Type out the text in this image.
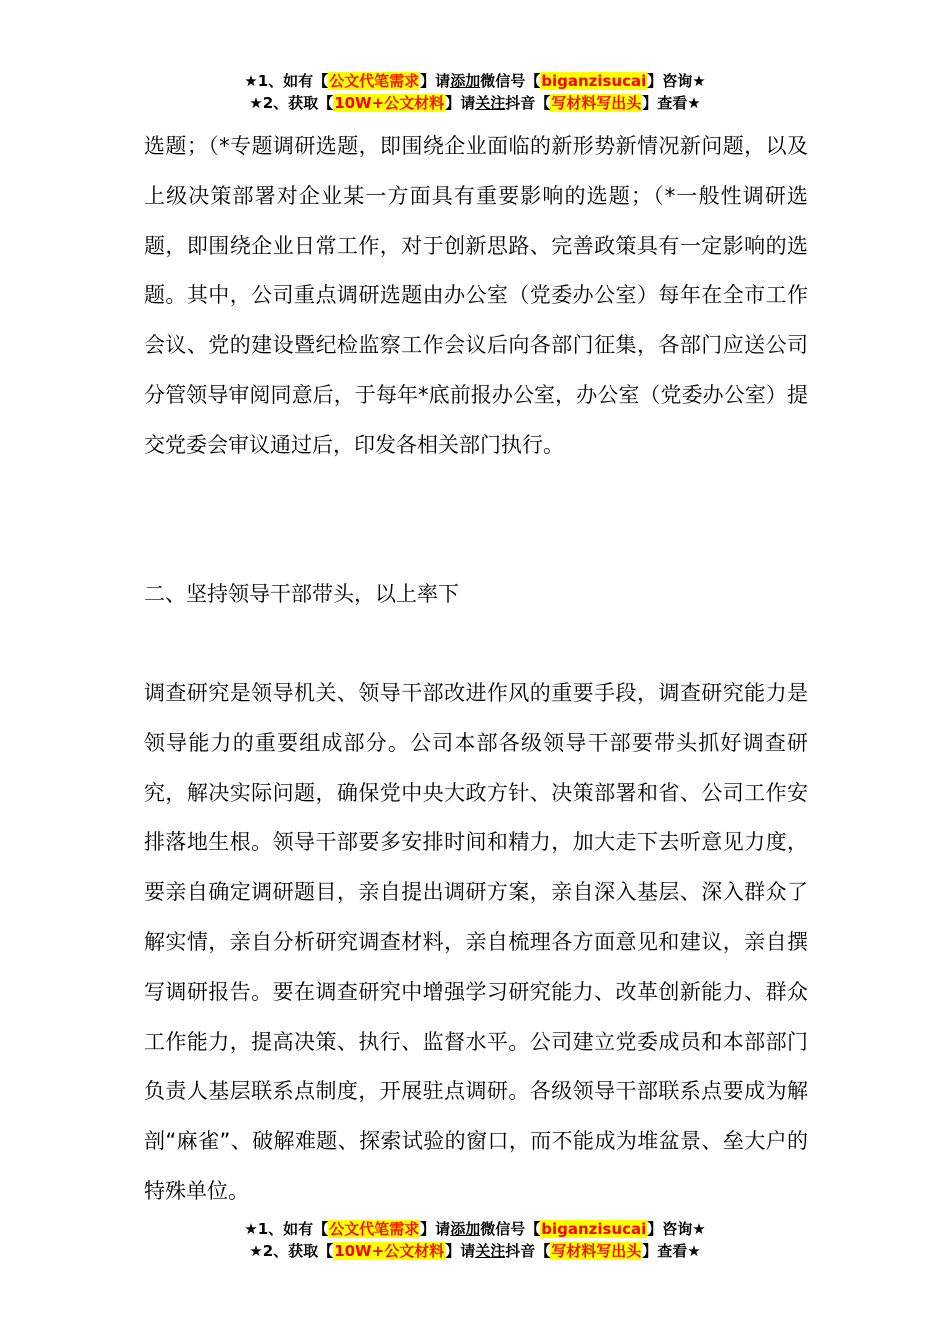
★1、如有【公文代笔需求】请添加微信号【biganzisucai】咨询★
★2、获取【10W+公文材料】请关注抖音【写材料写出头】查看★

选题；（*专题调研选题，即围绕企业面临的新形势新情况新问题，以及上级决策部署对企业某一方面具有重要影响的选题；（*一般性调研选题，即围绕企业日常工作，对于创新思路、完善政策具有一定影响的选题。其中，公司重点调研选题由办公室（党委办公室）每年在全市工作会议、党的建设暨纪检监察工作会议后向各部门征集，各部门应送公司分管领导审阅同意后，于每年*底前报办公室，办公室（党委办公室）提交党委会审议通过后，印发各相关部门执行。

二、坚持领导干部带头，以上率下

调查研究是领导机关、领导干部改进作风的重要手段，调查研究能力是领导能力的重要组成部分。公司本部各级领导干部要带头抓好调查研究，解决实际问题，确保党中央大政方针、决策部署和省、公司工作安排落地生根。领导干部要多安排时间和精力，加大走下去听意见力度，要亲自确定调研题目，亲自提出调研方案，亲自深入基层、深入群众了解实情，亲自分析研究调查材料，亲自梳理各方面意见和建议，亲自撰写调研报告。要在调查研究中增强学习研究能力、改革创新能力、群众工作能力，提高决策、执行、监督水平。公司建立党委成员和本部部门负责人基层联系点制度，开展驻点调研。各级领导干部联系点要成为解剖“麻雀”、破解难题、探索试验的窗口，而不能成为堆盆景、垒大户的特殊单位。

★1、如有【公文代笔需求】请添加微信号【biganzisucai】咨询★
★2、获取【10W+公文材料】请关注抖音【写材料写出头】查看★
